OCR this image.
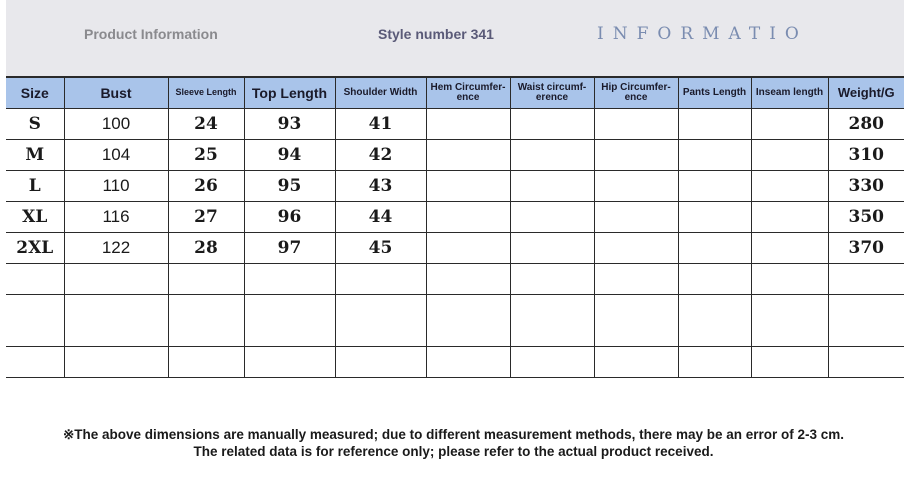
Product Information	Style number 341	INFORMATIO
Size	Bust	Sleeve Length	Top Length	Shoulder Width	Hem Circumfer- ence	Waist circumf- erence	Hip Circumfer- ence	Pants Length	Inseam length	Weight/G
S	100	24	93	41						280
M	104	25	94	42						310
L	110	26	95	43						330
XL	116	27	96	44						350
2XL	122	28	97	45						370

※The above dimensions are manually measured; due to different measurement methods, there may be an error of 2-3 cm.
The related data is for reference only; please refer to the actual product received.
